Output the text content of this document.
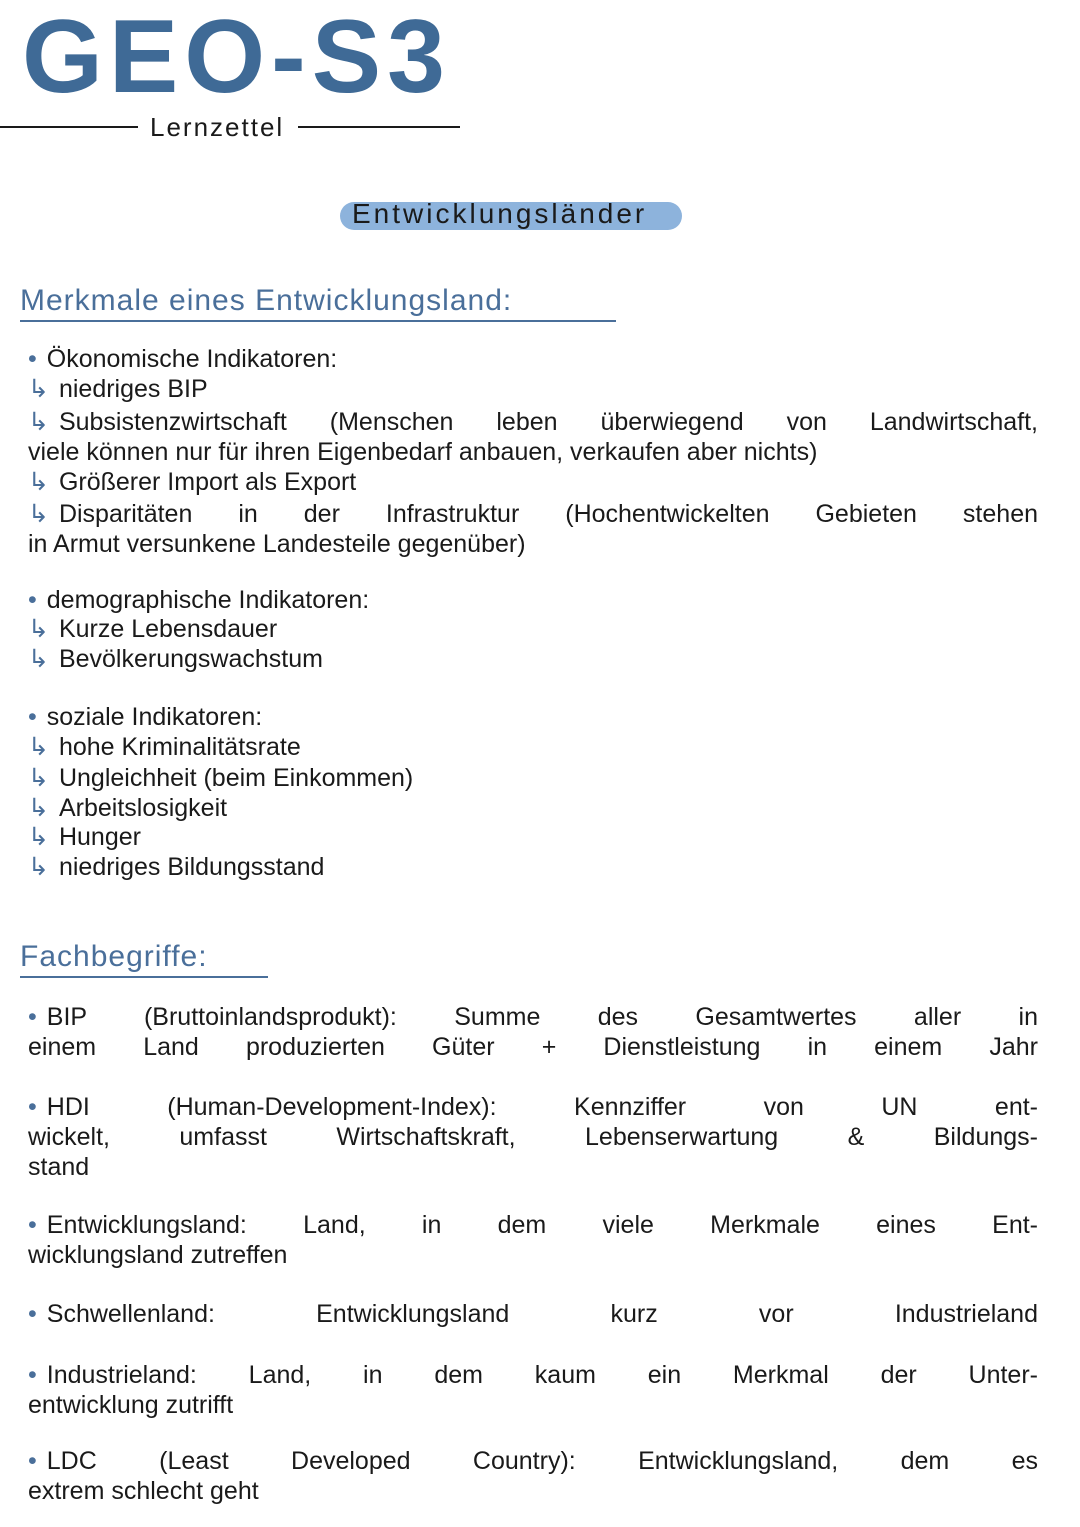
GEO-S3
Lernzettel
Entwicklungsländer
Merkmale eines Entwicklungsland:
• Ökonomische Indikatoren:
↳ niedriges BIP
↳ Subsistenzwirtschaft (Menschen leben überwiegend von Landwirtschaft,
viele können nur für ihren Eigenbedarf anbauen, verkaufen aber nichts)
↳ Größerer Import als Export
↳ Disparitäten in der Infrastruktur (Hochentwickelten Gebieten stehen
in Armut versunkene Landesteile gegenüber)
• demographische Indikatoren:
↳ Kurze Lebensdauer
↳ Bevölkerungswachstum
• soziale Indikatoren:
↳ hohe Kriminalitätsrate
↳ Ungleichheit (beim Einkommen)
↳ Arbeitslosigkeit
↳ Hunger
↳ niedriges Bildungsstand
• BIP (Bruttoinlandsprodukt): Summe des Gesamtwertes aller in
einem Land produzierten Güter + Dienstleistung in einem Jahr
• HDI (Human-Development-Index): Kennziffer von UN ent-
wickelt, umfasst Wirtschaftskraft, Lebenserwartung & Bildungs-
stand
• Entwicklungsland: Land, in dem viele Merkmale eines Ent-
wicklungsland zutreffen
• Schwellenland: Entwicklungsland kurz vor Industrieland
• Industrieland: Land, in dem kaum ein Merkmal der Unter-
entwicklung zutrifft
• LDC (Least Developed Country): Entwicklungsland, dem es
extrem schlecht geht
Fachbegriffe:
